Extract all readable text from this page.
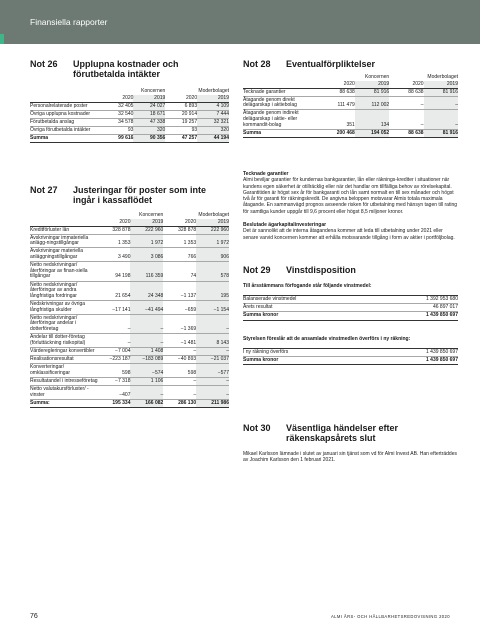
Finansiella rapporter
Not 26	Upplupna kostnader och förutbetalda intäkter
	Koncernen		Moderbolaget	
	2020	2019	2020	2019
Personalrelaterade poster	32 405	24 027	6 893	4 109
Övriga upplupna kostnader	32 540	18 671	20 914	7 444
Förutbetalda anslag	34 578	47 338	19 257	32 321
Övriga förutbetalda intäkter	93	320	93	320
Summa	99 616	90 356	47 257	44 194
Not 27	Justeringar för poster som inte ingår i kassaflödet
	Koncernen		Moderbolaget	
	2020	2019	2020	2019
Kreditförluster lån	328 878	222 960	328 878	222 960
Avskrivningar immateriella anlägg-ningstillgångar	1 353	1 972	1 353	1 972
Avskrivningar materiella anläggningstillgångar	3 490	3 086	766	906
Netto nedskrivningar/ återföringar av finan-siella tillgångar	94 198	116 359	74	578
Netto nedskrivningar/ återföringar av andra långfristiga fordringar	21 654	24 348	−1 137	195
Nedskrivningar av övriga långfristiga skulder	−17 141	−41 494	−659	−1 154
Netto nedskrivningar/ återföringar andelar i dotterföretag	–	–	−1 369	–
Andelar till dotter-företag (förluttäckning risikopital)	–	–	−1 481	8 143
Värderegleringar konvertibler	−7 004	1 408	–	–
Realisationsresultat	−223 187	−183 089	−40 893	−21 037
Konverteringar/ omklassificeringar	598	−574	598	−577
Resultatandel i intresseföretag	−7 318	1 106	–	–
Netto valutakursförluster/ -vinster	−407	–	–	–
Summa:	195 334	166 082	286 130	211 986
Not 28	Eventualförpliktelser
	Koncernen		Moderbolaget	
	2020	2019	2020	2019
Tecknade garantier	88 638	81 916	88 638	81 916
Åtagande genom direkt delägarskap i aktiebolag	111 479	112 002	–	–
Åtagande genom indirekt delägarskap i aktie- eller kommandit-bolag	351	134	–	–
Summa	200 468	194 052	88 638	81 916
Tecknade garantier

Almi beviljar garantier för kundernas bankgarantier, lån eller räknings-krediter i situationer när kundens egen säkerhet är otillräcklig eller när det handlar om tillfälliga behov av rörelsekapital. Garantitiden är högst sex år för bankgaranti och lån samt normalt en till sex månader och högst två år för garanti för räkningskredit. De angivna beloppen motsvarar Almis totala maximala åtagande. En sammanvägd prognos avseende risken för utbetalning med hänsyn tagen till rating för samtliga kunder uppgår till 9,6 procent eller högst 8,5 miljoner kronor.

Beslutade ägarkapitalinvesteringar

Det är sannolikt att de interna åtagandena kommer att leda till utbetalning under 2021 eller senare varvid koncernen kommer att erhålla motsvarande tillgång i form av aktier i portföljbolag.

Not 29	Vinstdisposition
Till årsstämmans förfogande står följande vinstmedel:
Balanserade vinstmedel	1 392 953 680
Årets resultat	46 897 017
Summa kronor	1 439 850 697
Styrelsen föreslår att de ansamlade vinstmedlen överförs i ny räkning:
I ny räkning överförs	1 439 850 697
Summa kronor	1 439 850 697
Not 30	Väsentliga händelser efter räkenskapsårets slut
Mikael Karlsson lämnade i slutet av januari sin tjänst som vd för Almi Invest AB. Han efterträddes av Joachim Karlsson den 1 februari 2021.
76	ALMI ÅRS- OCH HÅLLBARHETSREDOVISNING 2020
